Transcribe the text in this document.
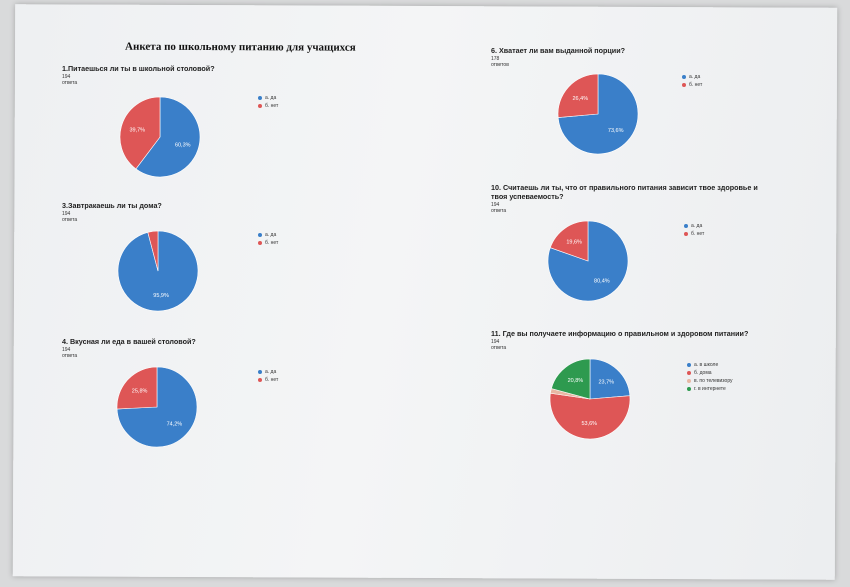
Анкета по школьному питанию для учащихся
1.Питаешься ли ты в школьной столовой?
194 ответа
60,3%
39,7%
а. да
б. нет
3.Завтракаешь ли ты дома?
194 ответа
95,9%
а. да
б. нет
4. Вкусная ли еда в вашей столовой?
194 ответа
74,2%
25,8%
а. да
б. нет
6. Хватает ли вам выданной порции?
178 ответов
73,6%
26,4%
а. да
б. нет
10. Считаешь ли ты, что от правильного питания зависит твое здоровье и твоя успеваемость?
194 ответа
80,4%
19,6%
а. да
б. нет
11. Где вы получаете информацию о правильном и здоровом питании?
194 ответа
23,7%
53,6%
20,8%
а. в школе
б. дома
в. по телевизору
г. в интернете
